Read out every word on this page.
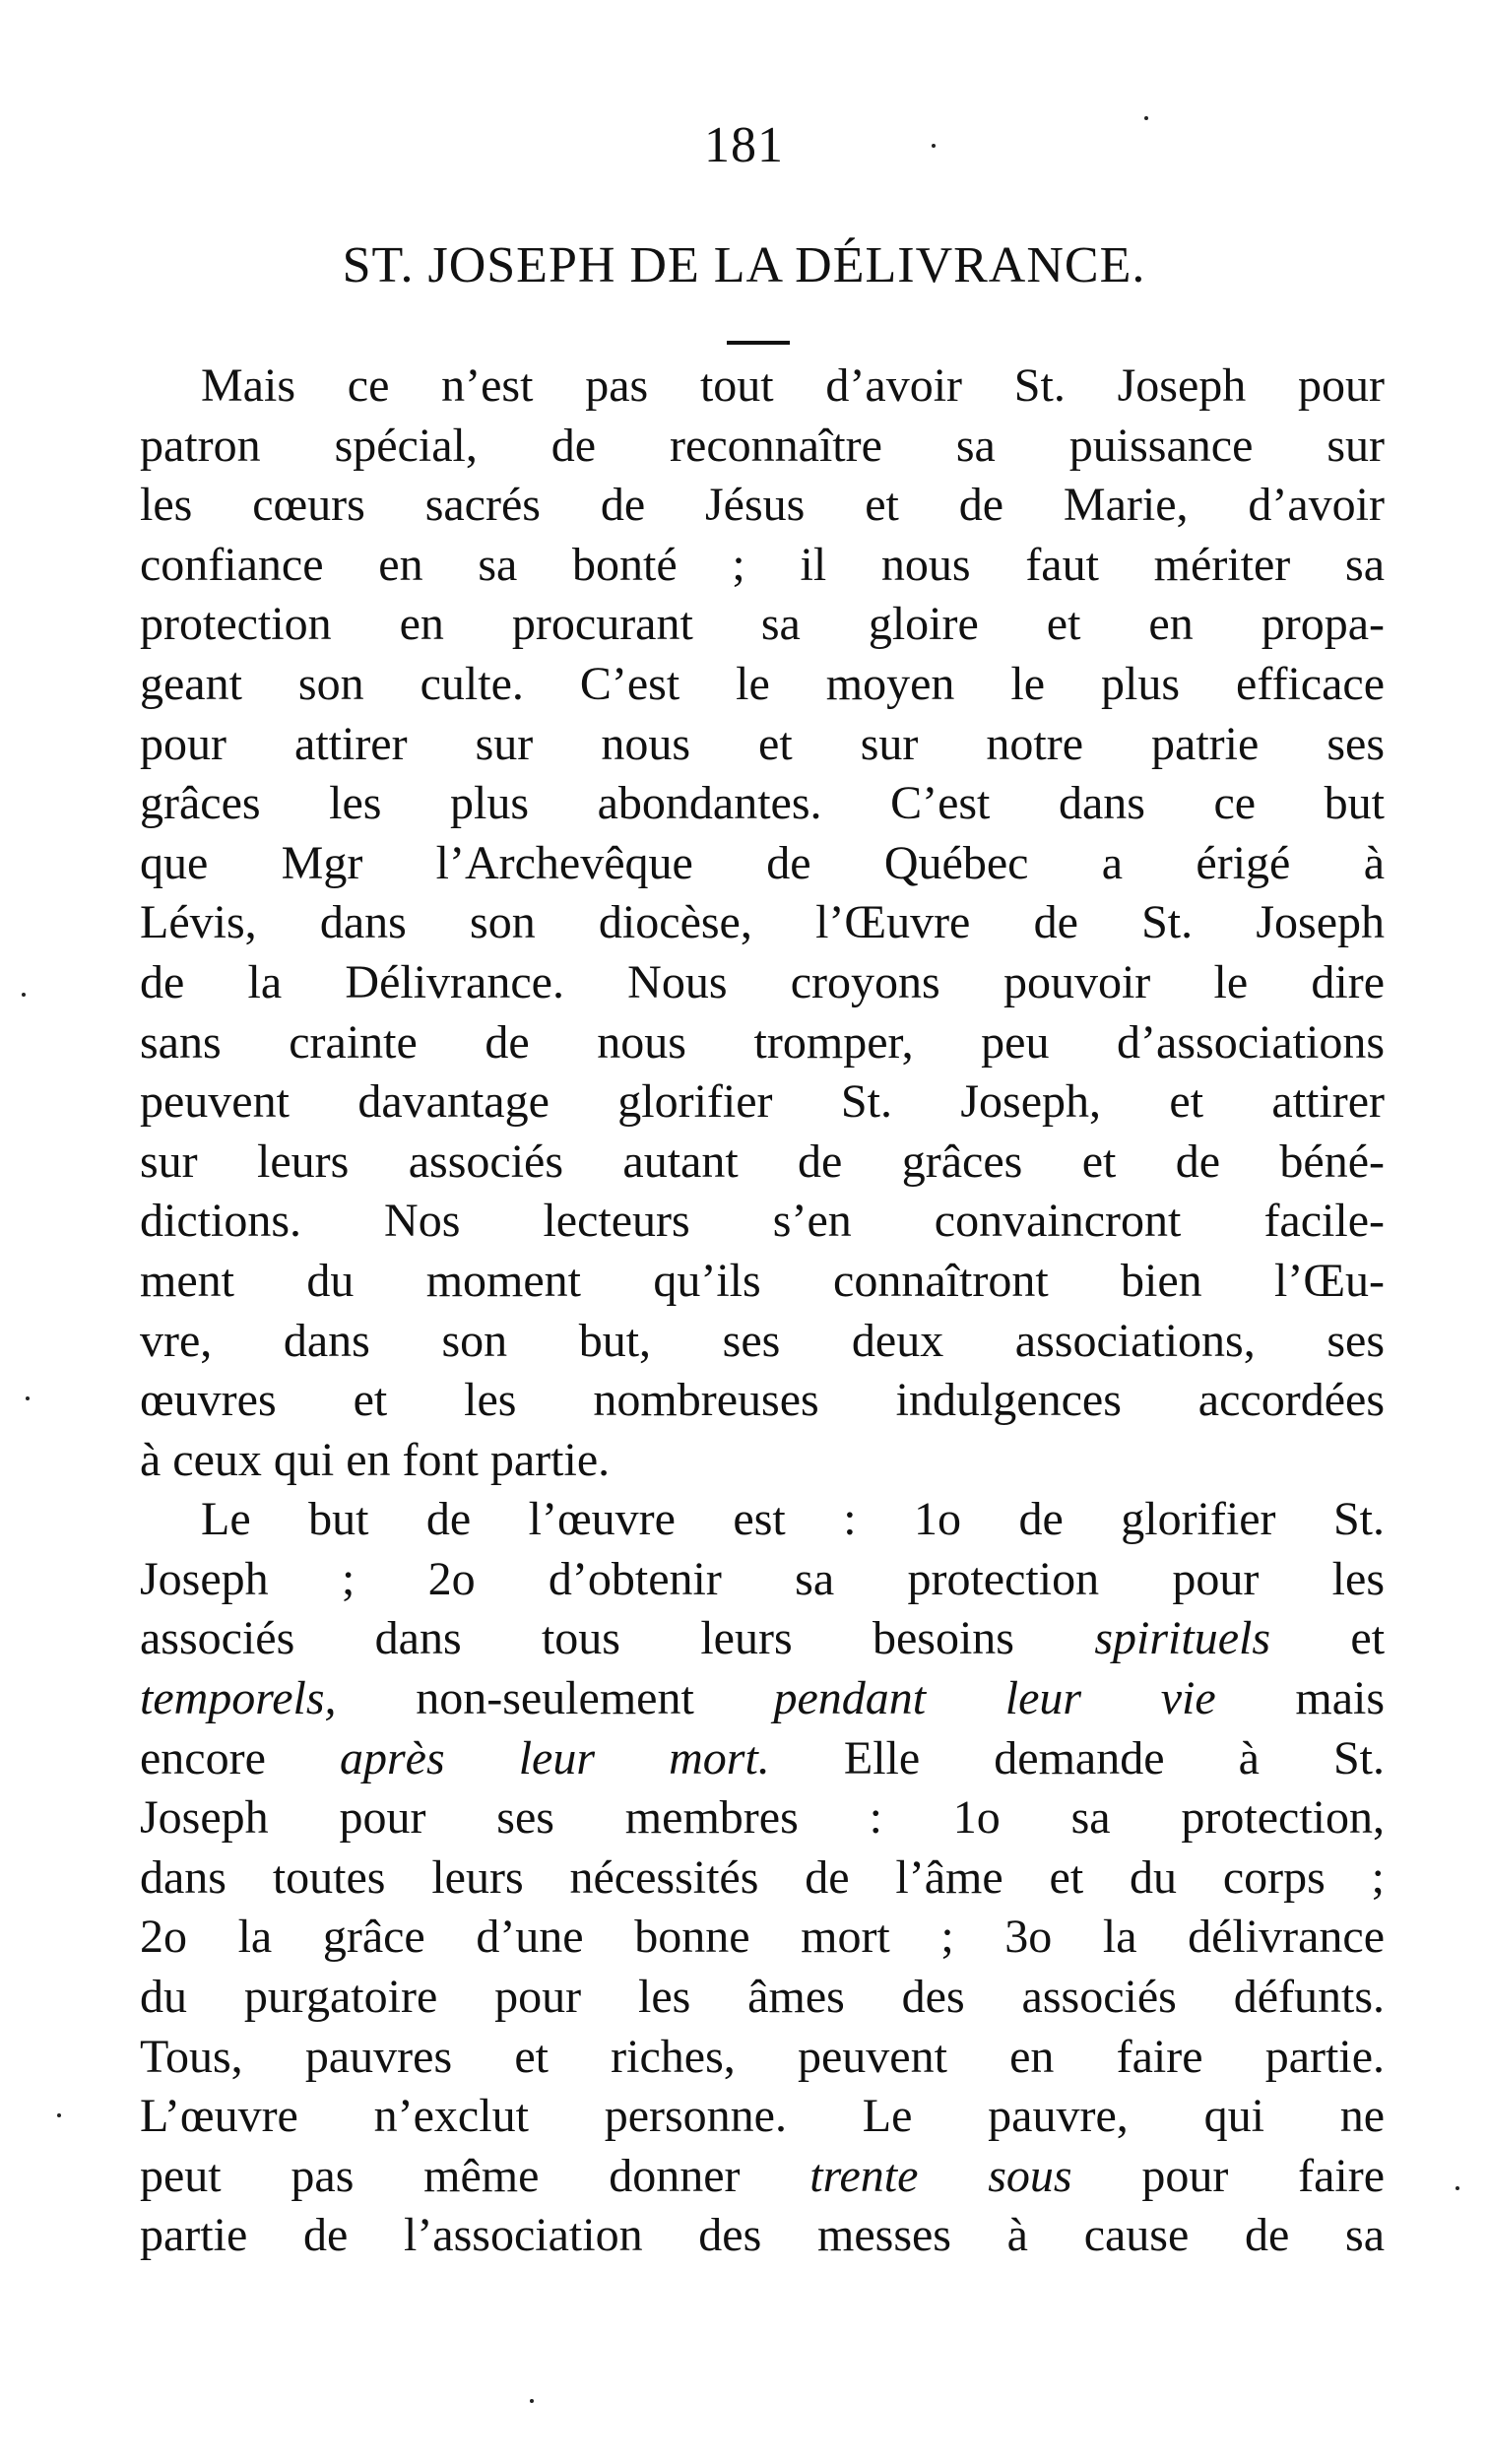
181
ST. JOSEPH DE LA DÉLIVRANCE.
Mais ce n’est pas tout d’avoir St. Joseph pour
patron spécial, de reconnaître sa puissance sur
les cœurs sacrés de Jésus et de Marie, d’avoir
confiance en sa bonté ; il nous faut mériter sa
protection en procurant sa gloire et en propa-
geant son culte. C’est le moyen le plus efficace
pour attirer sur nous et sur notre patrie ses
grâces les plus abondantes. C’est dans ce but
que Mgr l’Archevêque de Québec a érigé à
Lévis, dans son diocèse, l’Œuvre de St. Joseph
de la Délivrance. Nous croyons pouvoir le dire
sans crainte de nous tromper, peu d’associations
peuvent davantage glorifier St. Joseph, et attirer
sur leurs associés autant de grâces et de béné-
dictions. Nos lecteurs s’en convaincront facile-
ment du moment qu’ils connaîtront bien l’Œu-
vre, dans son but, ses deux associations, ses
œuvres et les nombreuses indulgences accordées
à ceux qui en font partie.
Le but de l’œuvre est : 1o de glorifier St.
Joseph ; 2o d’obtenir sa protection pour les
associés dans tous leurs besoins spirituels et
temporels, non-seulement pendant leur vie mais
encore après leur mort. Elle demande à St.
Joseph pour ses membres : 1o sa protection,
dans toutes leurs nécessités de l’âme et du corps ;
2o la grâce d’une bonne mort ; 3o la délivrance
du purgatoire pour les âmes des associés défunts.
Tous, pauvres et riches, peuvent en faire partie.
L’œuvre n’exclut personne. Le pauvre, qui ne
peut pas même donner trente sous pour faire
partie de l’association des messes à cause de sa
